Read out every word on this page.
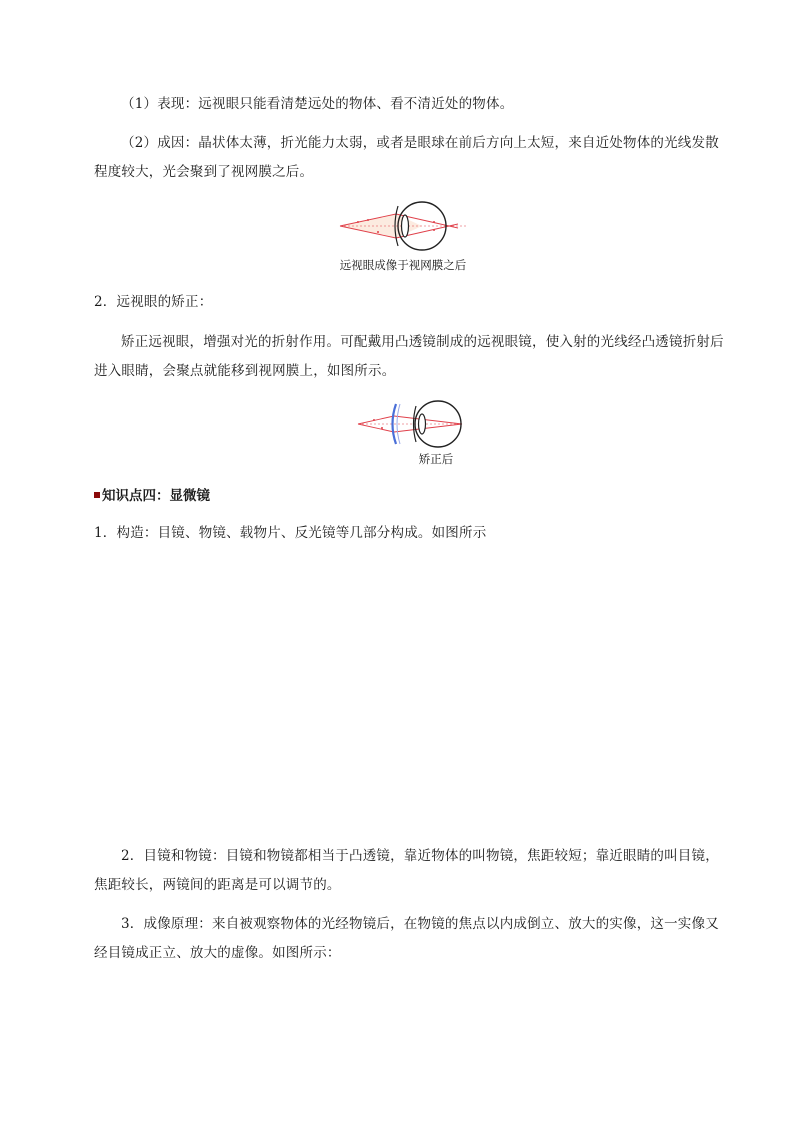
（1）表现：远视眼只能看清楚远处的物体、看不清近处的物体。
（2）成因：晶状体太薄，折光能力太弱，或者是眼球在前后方向上太短，来自近处物体的光线发散程度较大，光会聚到了视网膜之后。
远视眼成像于视网膜之后
2．远视眼的矫正：
矫正远视眼，增强对光的折射作用。可配戴用凸透镜制成的远视眼镜，使入射的光线经凸透镜折射后进入眼睛，会聚点就能移到视网膜上，如图所示。
矫正后
知识点四：显微镜
1．构造：目镜、物镜、载物片、反光镜等几部分构成。如图所示
2．目镜和物镜：目镜和物镜都相当于凸透镜，靠近物体的叫物镜，焦距较短；靠近眼睛的叫目镜，焦距较长，两镜间的距离是可以调节的。
3．成像原理：来自被观察物体的光经物镜后，在物镜的焦点以内成倒立、放大的实像，这一实像又经目镜成正立、放大的虚像。如图所示：
